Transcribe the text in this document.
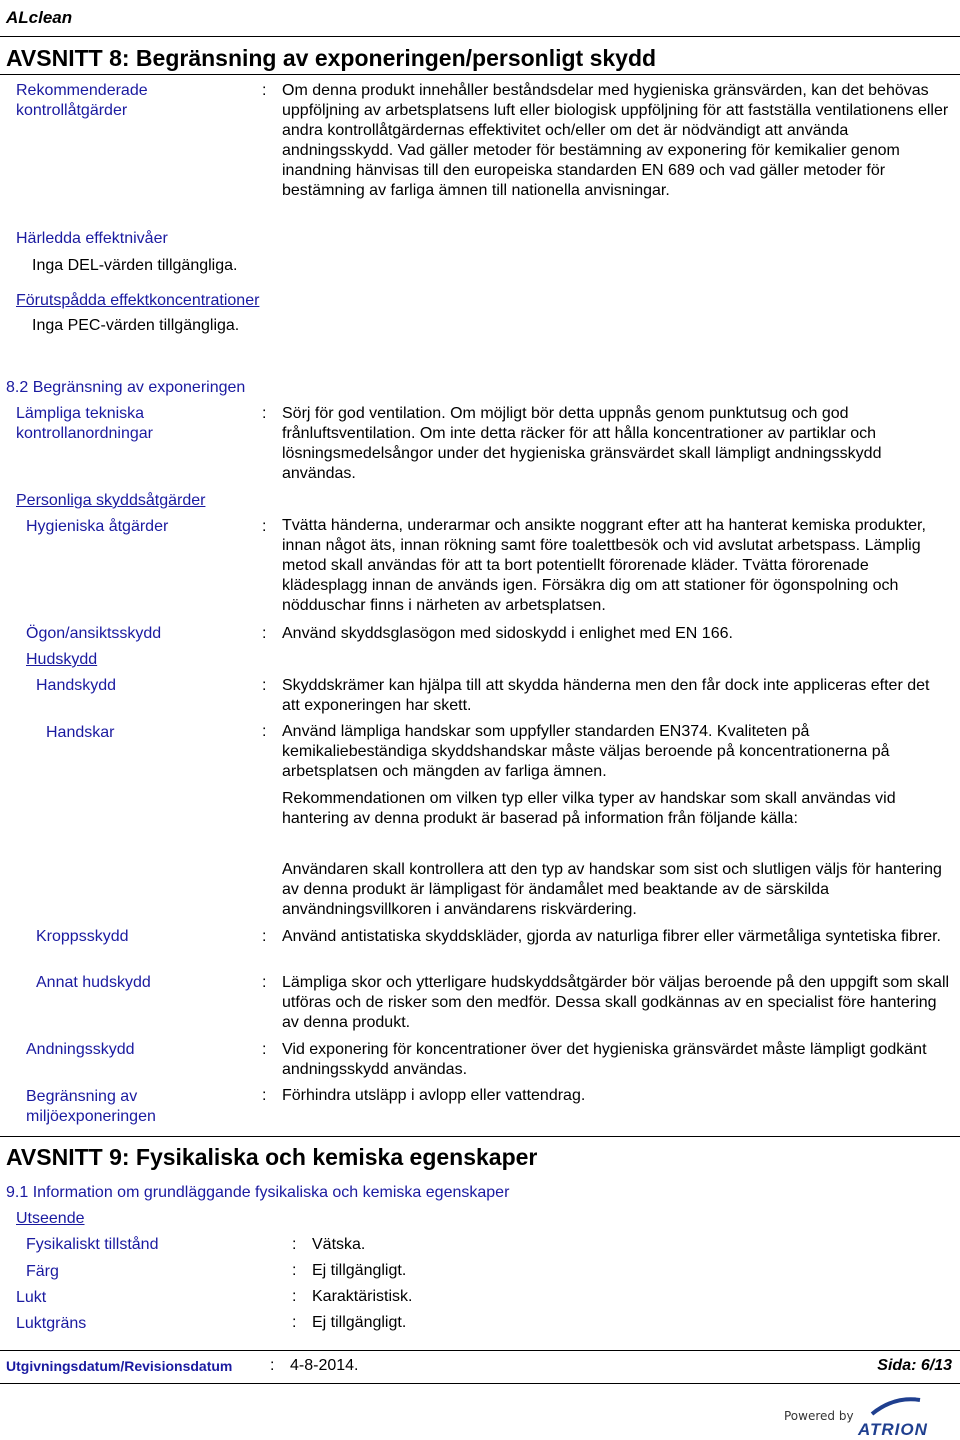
ALclean
AVSNITT 8: Begränsning av exponeringen/personligt skydd
Rekommenderade kontrollåtgärder
: Om denna produkt innehåller beståndsdelar med hygieniska gränsvärden, kan det behövas uppföljning av arbetsplatsens luft eller biologisk uppföljning för att fastställa ventilationens eller andra kontrollåtgärdernas effektivitet och/eller om det är nödvändigt att använda andningsskydd. Vad gäller metoder för bestämning av exponering för kemikalier genom inandning hänvisas till den europeiska standarden EN 689 och vad gäller metoder för bestämning av farliga ämnen till nationella anvisningar.
Härledda effektnivåer
Inga DEL-värden tillgängliga.
Förutspådda effektkoncentrationer
Inga PEC-värden tillgängliga.
8.2 Begränsning av exponeringen
Lämpliga tekniska kontrollanordningar
: Sörj för god ventilation. Om möjligt bör detta uppnås genom punktutsug och god frånluftsventilation. Om inte detta räcker för att hålla koncentrationer av partiklar och lösningsmedelsångor under det hygieniska gränsvärdet skall lämpligt andningsskydd användas.
Personliga skyddsåtgärder
Hygieniska åtgärder	: Tvätta händerna, underarmar och ansikte noggrant efter att ha hanterat kemiska produkter, innan något äts, innan rökning samt före toalettbesök och vid avslutat arbetspass. Lämplig metod skall användas för att ta bort potentiellt förorenade kläder. Tvätta förorenade klädesplagg innan de används igen. Försäkra dig om att stationer för ögonspolning och nödduschar finns i närheten av arbetsplatsen.
Ögon/ansiktsskydd	: Använd skyddsglasögon med sidoskydd i enlighet med EN 166.
Hudskydd
Handskydd	: Skyddskrämer kan hjälpa till att skydda händerna men den får dock inte appliceras efter det att exponeringen har skett.
Handskar	: Använd lämpliga handskar som uppfyller standarden EN374. Kvaliteten på kemikaliebeständiga skyddshandskar måste väljas beroende på koncentrationerna på arbetsplatsen och mängden av farliga ämnen.
Rekommendationen om vilken typ eller vilka typer av handskar som skall användas vid hantering av denna produkt är baserad på information från följande källa:
Användaren skall kontrollera att den typ av handskar som sist och slutligen väljs för hantering av denna produkt är lämpligast för ändamålet med beaktande av de särskilda användningsvillkoren i användarens riskvärdering.
Kroppsskydd	: Använd antistatiska skyddskläder, gjorda av naturliga fibrer eller värmetåliga syntetiska fibrer.
Annat hudskydd	: Lämpliga skor och ytterligare hudskyddsåtgärder bör väljas beroende på den uppgift som skall utföras och de risker som den medför. Dessa skall godkännas av en specialist före hantering av denna produkt.
Andningsskydd	: Vid exponering för koncentrationer över det hygieniska gränsvärdet måste lämpligt godkänt andningsskydd användas.
Begränsning av miljöexponeringen
: Förhindra utsläpp i avlopp eller vattendrag.
AVSNITT 9: Fysikaliska och kemiska egenskaper
9.1 Information om grundläggande fysikaliska och kemiska egenskaper
Utseende
Fysikaliskt tillstånd	: Vätska.
Färg	: Ej tillgängligt.
Lukt	: Karaktäristisk.
Luktgräns	: Ej tillgängligt.
Utgivningsdatum/Revisionsdatum : 4-8-2014.	Sida: 6/13
Powered by
ATRION
